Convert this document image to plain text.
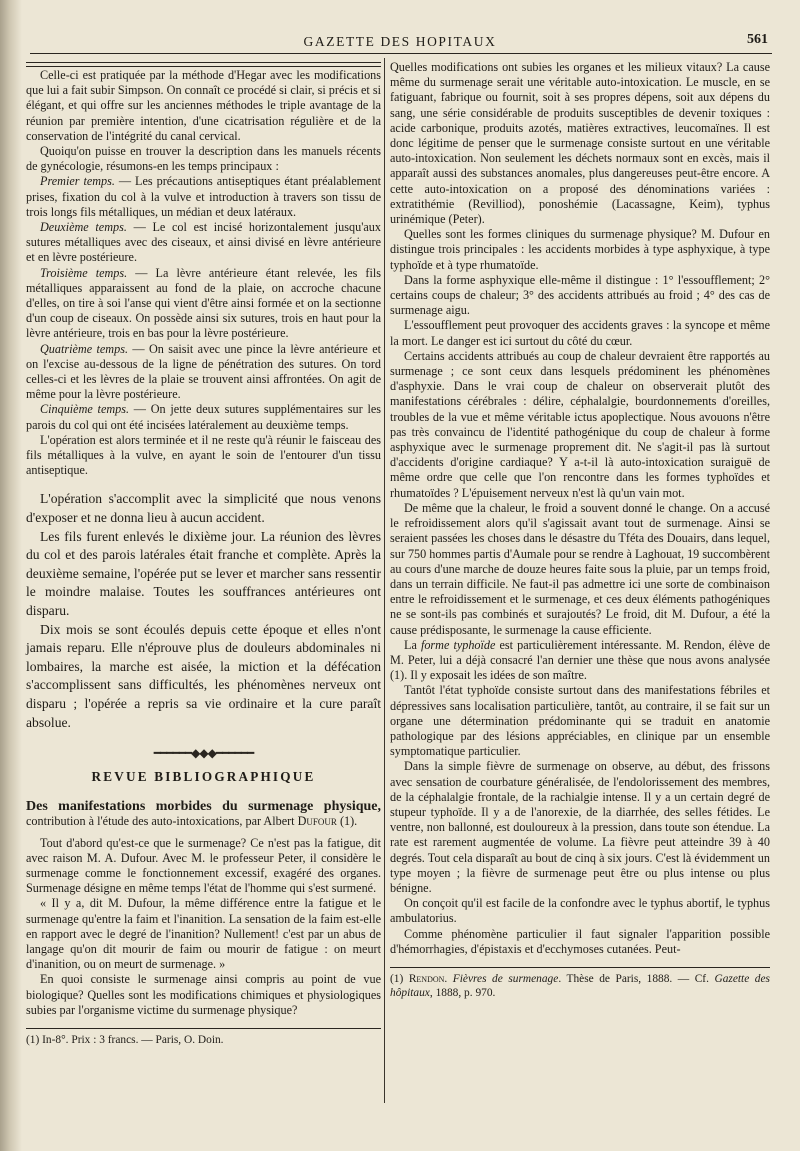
GAZETTE DES HOPITAUX	561

Celle-ci est pratiquée par la méthode d'Hegar avec les modifications que lui a fait subir Simpson. On connaît ce procédé si clair, si précis et si élégant, et qui offre sur les anciennes méthodes le triple avantage de la réunion par première intention, d'une cicatrisation régulière et de la conservation de l'intégrité du canal cervical.

Quoiqu'on puisse en trouver la description dans les manuels récents de gynécologie, résumons-en les temps principaux :

Premier temps. — Les précautions antiseptiques étant préalablement prises, fixation du col à la vulve et introduction à travers son tissu de trois longs fils métalliques, un médian et deux latéraux.

Deuxième temps. — Le col est incisé horizontalement jusqu'aux sutures métalliques avec des ciseaux, et ainsi divisé en lèvre antérieure et en lèvre postérieure.

Troisième temps. — La lèvre antérieure étant relevée, les fils métalliques apparaissent au fond de la plaie, on accroche chacune d'elles, on tire à soi l'anse qui vient d'être ainsi formée et on la sectionne d'un coup de ciseaux. On possède ainsi six sutures, trois en haut pour la lèvre antérieure, trois en bas pour la lèvre postérieure.

Quatrième temps. — On saisit avec une pince la lèvre antérieure et on l'excise au-dessous de la ligne de pénétration des sutures. On tord celles-ci et les lèvres de la plaie se trouvent ainsi affrontées. On agit de même pour la lèvre postérieure.

Cinquième temps. — On jette deux sutures supplémentaires sur les parois du col qui ont été incisées latéralement au deuxième temps.

L'opération est alors terminée et il ne reste qu'à réunir le faisceau des fils métalliques à la vulve, en ayant le soin de l'entourer d'un tissu antiseptique.

L'opération s'accomplit avec la simplicité que nous venons d'exposer et ne donna lieu à aucun accident.

Les fils furent enlevés le dixième jour. La réunion des lèvres du col et des parois latérales était franche et complète. Après la deuxième semaine, l'opérée put se lever et marcher sans ressentir le moindre malaise. Toutes les souffrances antérieures ont disparu.

Dix mois se sont écoulés depuis cette époque et elles n'ont jamais reparu. Elle n'éprouve plus de douleurs abdominales ni lombaires, la marche est aisée, la miction et la défécation s'accomplissent sans difficultés, les phénomènes nerveux ont disparu ; l'opérée a repris sa vie ordinaire et la cure paraît absolue.

━━━━━━◆◆◆━━━━━━
REVUE BIBLIOGRAPHIQUE

Des manifestations morbides du surmenage physique, contribution à l'étude des auto-intoxications, par Albert Dufour (1).

Tout d'abord qu'est-ce que le surmenage? Ce n'est pas la fatigue, dit avec raison M. A. Dufour. Avec M. le professeur Peter, il considère le surmenage comme le fonctionnement excessif, exagéré des organes. Surmenage désigne en même temps l'état de l'homme qui s'est surmené.

« Il y a, dit M. Dufour, la même différence entre la fatigue et le surmenage qu'entre la faim et l'inanition. La sensation de la faim est-elle en rapport avec le degré de l'inanition? Nullement! c'est par un abus de langage qu'on dit mourir de faim ou mourir de fatigue : on meurt d'inanition, ou on meurt de surmenage. »

En quoi consiste le surmenage ainsi compris au point de vue biologique? Quelles sont les modifications chimiques et physiologiques subies par l'organisme victime du surmenage physique?

(1) In-8°. Prix : 3 francs. — Paris, O. Doin.

Quelles modifications ont subies les organes et les milieux vitaux? La cause même du surmenage serait une véritable auto-intoxication. Le muscle, en se fatiguant, fabrique ou fournit, soit à ses propres dépens, soit aux dépens du sang, une série considérable de produits susceptibles de devenir toxiques : acide carbonique, produits azotés, matières extractives, leucomaïnes. Il est donc légitime de penser que le surmenage consiste surtout en une véritable auto-intoxication. Non seulement les déchets normaux sont en excès, mais il apparaît aussi des substances anomales, plus dangereuses peut-être encore. A cette auto-intoxication on a proposé des dénominations variées : extratithémie (Revilliod), ponoshémie (Lacassagne, Keim), typhus urinémique (Peter).

Quelles sont les formes cliniques du surmenage physique? M. Dufour en distingue trois principales : les accidents morbides à type asphyxique, à type typhoïde et à type rhumatoïde.

Dans la forme asphyxique elle-même il distingue : 1° l'essoufflement; 2° certains coups de chaleur; 3° des accidents attribués au froid ; 4° des cas de surmenage aigu.

L'essoufflement peut provoquer des accidents graves : la syncope et même la mort. Le danger est ici surtout du côté du cœur.

Certains accidents attribués au coup de chaleur devraient être rapportés au surmenage ; ce sont ceux dans lesquels prédominent les phénomènes d'asphyxie. Dans le vrai coup de chaleur on observerait plutôt des manifestations cérébrales : délire, céphalalgie, bourdonnements d'oreilles, troubles de la vue et même véritable ictus apoplectique. Nous avouons n'être pas très convaincu de l'identité pathogénique du coup de chaleur à forme asphyxique avec le surmenage proprement dit. Ne s'agit-il pas là surtout d'accidents d'origine cardiaque? Y a-t-il là auto-intoxication suraiguë de même ordre que celle que l'on rencontre dans les formes typhoïdes et rhumatoïdes ? L'épuisement nerveux n'est là qu'un vain mot.

De même que la chaleur, le froid a souvent donné le change. On a accusé le refroidissement alors qu'il s'agissait avant tout de surmenage. Ainsi se seraient passées les choses dans le désastre du Tféta des Douairs, dans lequel, sur 750 hommes partis d'Aumale pour se rendre à Laghouat, 19 succombèrent au cours d'une marche de douze heures faite sous la pluie, par un temps froid, dans un terrain difficile. Ne faut-il pas admettre ici une sorte de combinaison entre le refroidissement et le surmenage, et ces deux éléments pathogéniques ne se sont-ils pas combinés et surajoutés? Le froid, dit M. Dufour, a été la cause prédisposante, le surmenage la cause efficiente.

La forme typhoïde est particulièrement intéressante. M. Rendon, élève de M. Peter, lui a déjà consacré l'an dernier une thèse que nous avons analysée (1). Il y exposait les idées de son maître.

Tantôt l'état typhoïde consiste surtout dans des manifestations fébriles et dépressives sans localisation particulière, tantôt, au contraire, il se fait sur un organe une détermination prédominante qui se traduit en anatomie pathologique par des lésions appréciables, en clinique par un ensemble symptomatique particulier.

Dans la simple fièvre de surmenage on observe, au début, des frissons avec sensation de courbature généralisée, de l'endolorissement des membres, de la céphalalgie frontale, de la rachialgie intense. Il y a un certain degré de stupeur typhoïde. Il y a de l'anorexie, de la diarrhée, des selles fétides. Le ventre, non ballonné, est douloureux à la pression, dans toute son étendue. La rate est rarement augmentée de volume. La fièvre peut atteindre 39 à 40 degrés. Tout cela disparaît au bout de cinq à six jours. C'est là évidemment un type moyen ; la fièvre de surmenage peut être ou plus intense ou plus bénigne.

On conçoit qu'il est facile de la confondre avec le typhus abortif, le typhus ambulatorius.

Comme phénomène particulier il faut signaler l'apparition possible d'hémorrhagies, d'épistaxis et d'ecchymoses cutanées. Peut-

(1) Rendon. Fièvres de surmenage. Thèse de Paris, 1888. — Cf. Gazette des hôpitaux, 1888, p. 970.
